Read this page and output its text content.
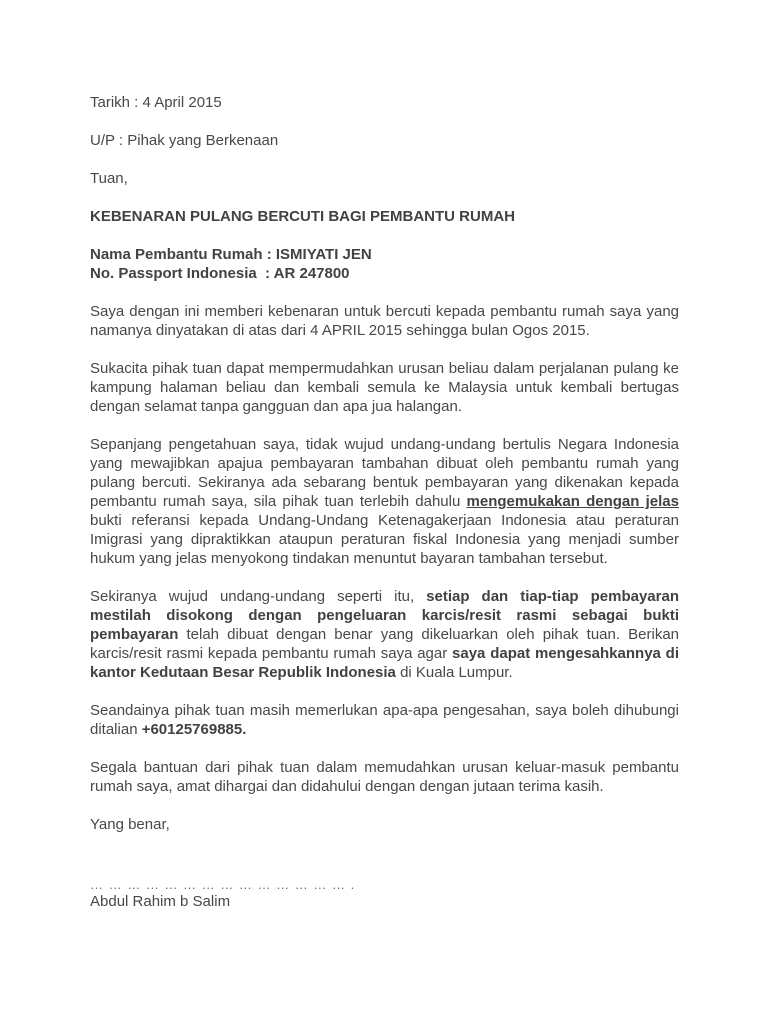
Tarikh : 4 April 2015
U/P : Pihak yang Berkenaan
Tuan,
KEBENARAN PULANG BERCUTI BAGI PEMBANTU RUMAH
Nama Pembantu Rumah : ISMIYATI JEN
No. Passport Indonesia  : AR 247800

Saya dengan ini memberi kebenaran untuk bercuti kepada pembantu rumah saya yang namanya dinyatakan di atas dari 4 APRIL 2015 sehingga bulan Ogos 2015.

Sukacita pihak tuan dapat mempermudahkan urusan beliau dalam perjalanan pulang ke kampung halaman beliau dan kembali semula ke Malaysia untuk kembali bertugas dengan selamat tanpa gangguan dan apa jua halangan.

Sepanjang pengetahuan saya, tidak wujud undang-undang bertulis Negara Indonesia yang mewajibkan apajua pembayaran tambahan dibuat oleh pembantu rumah yang pulang bercuti. Sekiranya ada sebarang bentuk pembayaran yang dikenakan kepada pembantu rumah saya, sila pihak tuan terlebih dahulu mengemukakan dengan jelas bukti referansi kepada Undang-Undang Ketenagakerjaan Indonesia atau peraturan Imigrasi yang dipraktikkan ataupun peraturan fiskal Indonesia yang menjadi sumber hukum yang jelas menyokong tindakan menuntut bayaran tambahan tersebut.

Sekiranya wujud undang-undang seperti itu, setiap dan tiap-tiap pembayaran mestilah disokong dengan pengeluaran karcis/resit rasmi sebagai bukti pembayaran telah dibuat dengan benar yang dikeluarkan oleh pihak tuan. Berikan karcis/resit rasmi kepada pembantu rumah saya agar saya dapat mengesahkannya di kantor Kedutaan Besar Republik Indonesia di Kuala Lumpur.

Seandainya pihak tuan masih memerlukan apa-apa pengesahan, saya boleh dihubungi ditalian +60125769885.

Segala bantuan dari pihak tuan dalam memudahkan urusan keluar-masuk pembantu rumah saya, amat dihargai dan didahului dengan dengan jutaan terima kasih.

Yang benar,

… … … … … … … … … … … … … … .

Abdul Rahim b Salim
